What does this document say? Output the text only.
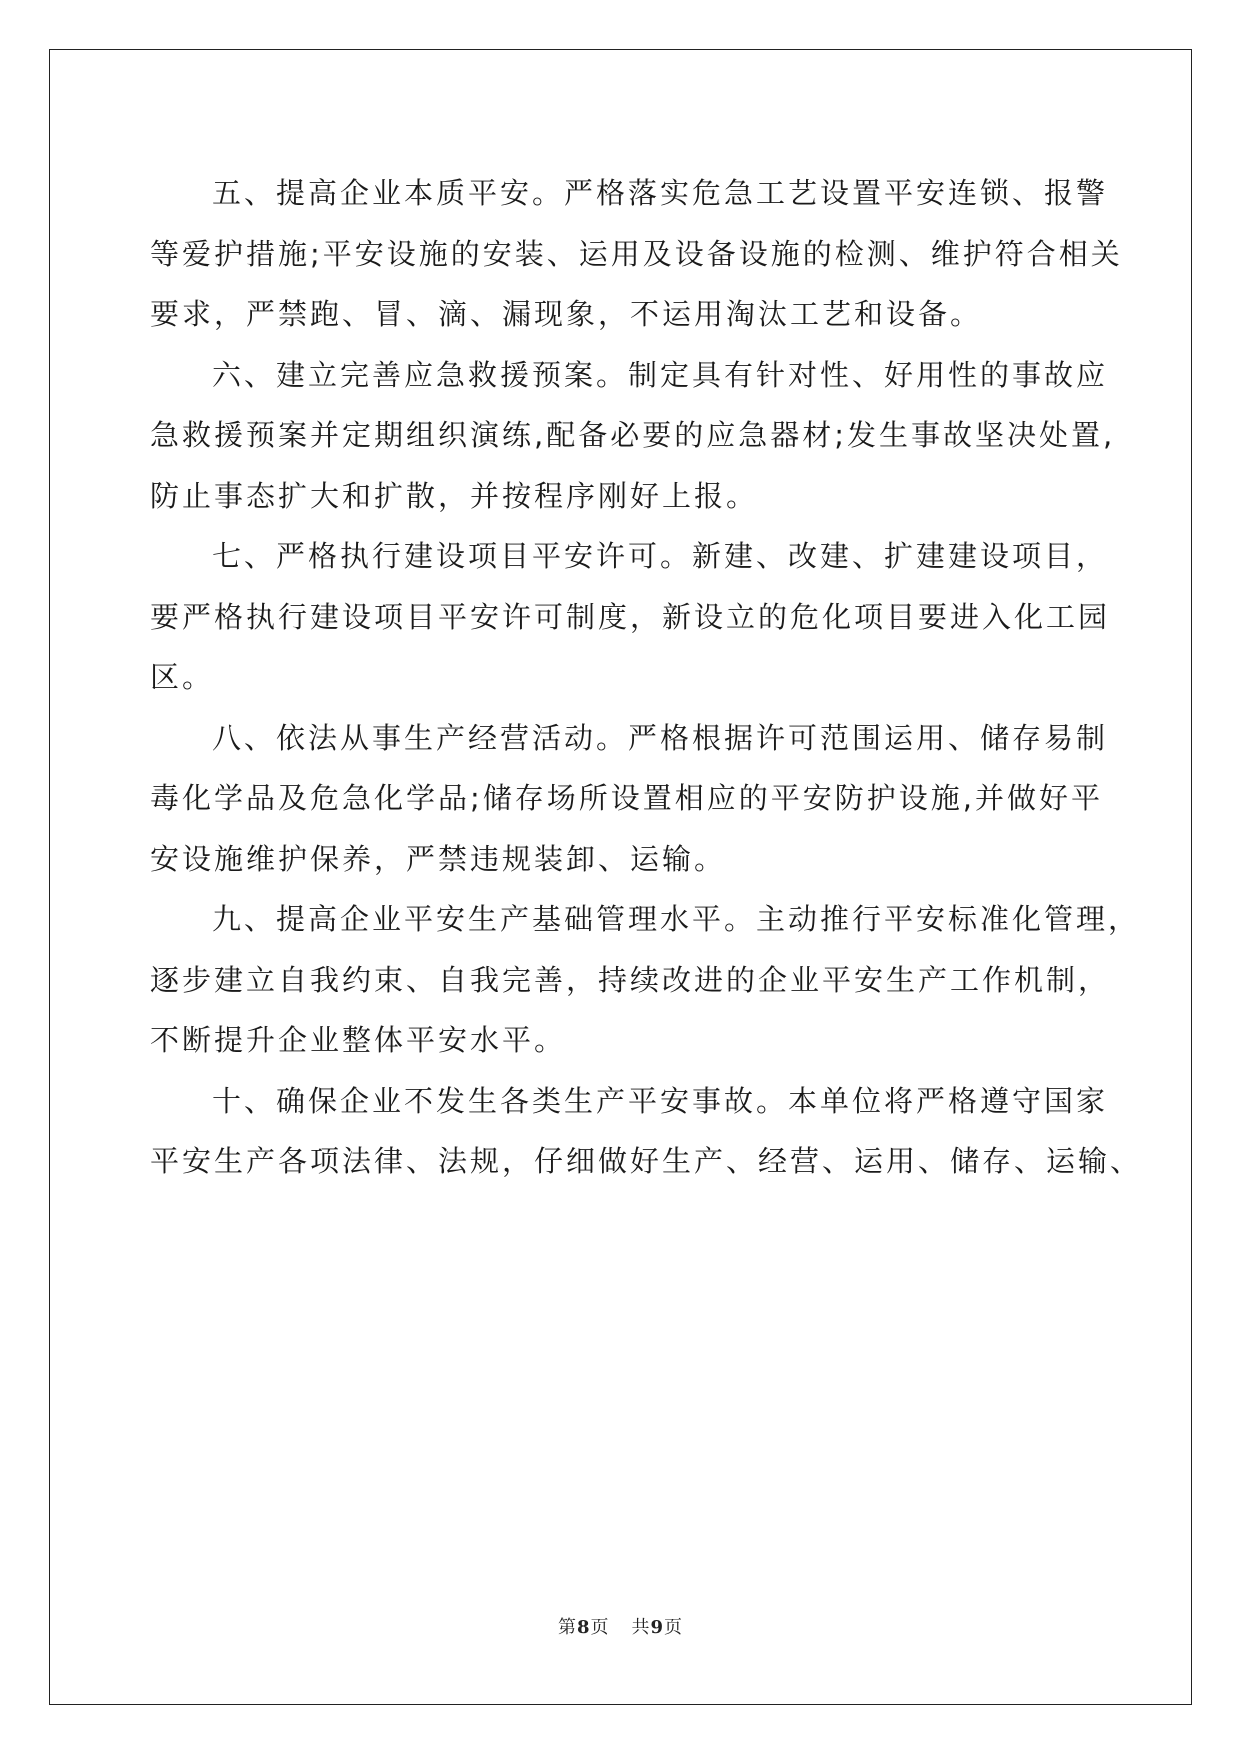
五、提高企业本质平安。严格落实危急工艺设置平安连锁、报警
等爱护措施;平安设施的安装、运用及设备设施的检测、维护符合相关
要求，严禁跑、冒、滴、漏现象，不运用淘汰工艺和设备。
六、建立完善应急救援预案。制定具有针对性、好用性的事故应
急救援预案并定期组织演练,配备必要的应急器材;发生事故坚决处置,
防止事态扩大和扩散，并按程序刚好上报。
七、严格执行建设项目平安许可。新建、改建、扩建建设项目，
要严格执行建设项目平安许可制度，新设立的危化项目要进入化工园
区。
八、依法从事生产经营活动。严格根据许可范围运用、储存易制
毒化学品及危急化学品;储存场所设置相应的平安防护设施,并做好平
安设施维护保养，严禁违规装卸、运输。
九、提高企业平安生产基础管理水平。主动推行平安标准化管理，
逐步建立自我约束、自我完善，持续改进的企业平安生产工作机制，
不断提升企业整体平安水平。
十、确保企业不发生各类生产平安事故。本单位将严格遵守国家
平安生产各项法律、法规，仔细做好生产、经营、运用、储存、运输、
第8页 共9页
